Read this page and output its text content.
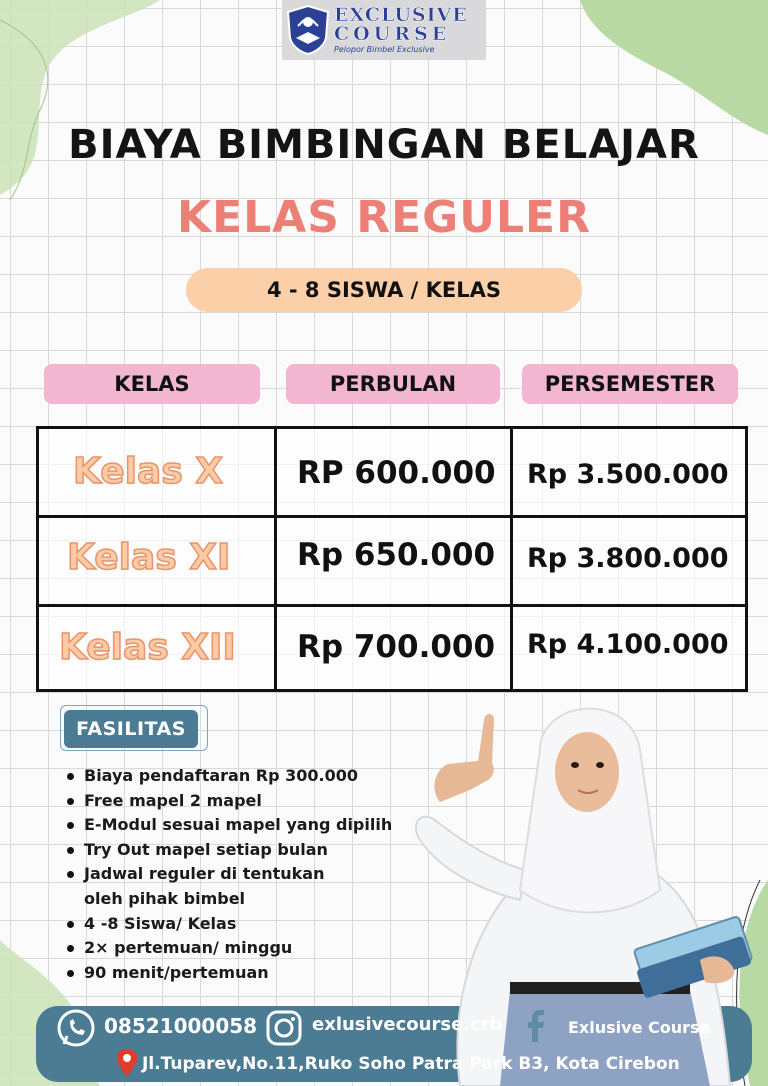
EXCLUSIVE
COURSE
Pelopor Bimbel Exclusive
BIAYA BIMBINGAN BELAJAR
KELAS REGULER
4 - 8 SISWA / KELAS
KELAS	PERBULAN	PERSEMESTER
Kelas X RP 600.000 Rp 3.500.000
Kelas XI Rp 650.000 Rp 3.800.000
Kelas XII Rp 700.000 Rp 4.100.000
FASILITAS
Biaya pendaftaran Rp 300.000
Free mapel 2 mapel
E-Modul sesuai mapel yang dipilih
Try Out mapel setiap bulan
Jadwal reguler di tentukan
oleh pihak bimbel
4 -8 Siswa/ Kelas
2× pertemuan/ minggu
90 menit/pertemuan
08521000058	exlusivecourse.crb	Exlusive Course
Jl.Tuparev,No.11,Ruko Soho Patra Park B3, Kota Cirebon
